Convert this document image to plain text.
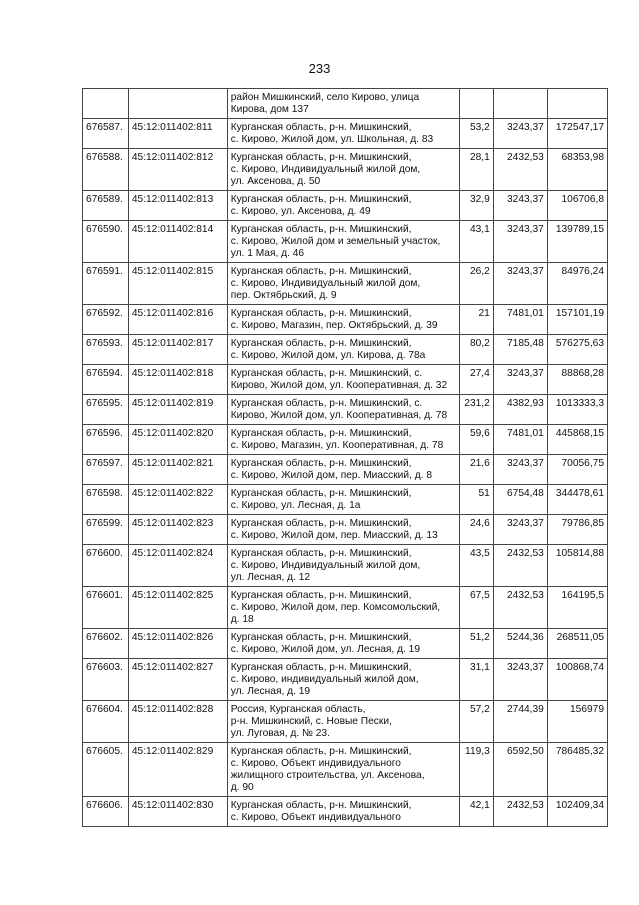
233

		район Мишкинский, село Кирово, улица
Кирова, дом 137			

676587.	45:12:011402:811	Курганская область, р-н. Мишкинский,
с. Кирово, Жилой дом, ул. Школьная, д. 83	53,2	3243,37	172547,17
676588.	45:12:011402:812	Курганская область, р-н. Мишкинский,
с. Кирово, Индивидуальный жилой дом,
ул. Аксенова, д. 50	28,1	2432,53	68353,98
676589.	45:12:011402:813	Курганская область, р-н. Мишкинский,
с. Кирово, ул. Аксенова, д. 49	32,9	3243,37	106706,8
676590.	45:12:011402:814	Курганская область, р-н. Мишкинский,
с. Кирово, Жилой дом и земельный участок,
ул. 1 Мая, д. 46	43,1	3243,37	139789,15
676591.	45:12:011402:815	Курганская область, р-н. Мишкинский,
с. Кирово, Индивидуальный жилой дом,
пер. Октябрьский, д. 9	26,2	3243,37	84976,24
676592.	45:12:011402:816	Курганская область, р-н. Мишкинский,
с. Кирово, Магазин, пер. Октябрьский, д. 39	21	7481,01	157101,19
676593.	45:12:011402:817	Курганская область, р-н. Мишкинский,
с. Кирово, Жилой дом, ул. Кирова, д. 78а	80,2	7185,48	576275,63
676594.	45:12:011402:818	Курганская область, р-н. Мишкинский, с.
Кирово, Жилой дом, ул. Кооперативная, д. 32	27,4	3243,37	88868,28
676595.	45:12:011402:819	Курганская область, р-н. Мишкинский, с.
Кирово, Жилой дом, ул. Кооперативная, д. 78	231,2	4382,93	1013333,3
676596.	45:12:011402:820	Курганская область, р-н. Мишкинский,
с. Кирово, Магазин, ул. Кооперативная, д. 78	59,6	7481,01	445868,15
676597.	45:12:011402:821	Курганская область, р-н. Мишкинский,
с. Кирово, Жилой дом, пер. Миасский, д. 8	21,6	3243,37	70056,75
676598.	45:12:011402:822	Курганская область, р-н. Мишкинский,
с. Кирово, ул. Лесная, д. 1а	51	6754,48	344478,61
676599.	45:12:011402:823	Курганская область, р-н. Мишкинский,
с. Кирово, Жилой дом, пер. Миасский, д. 13	24,6	3243,37	79786,85
676600.	45:12:011402:824	Курганская область, р-н. Мишкинский,
с. Кирово, Индивидуальный жилой дом,
ул. Лесная, д. 12	43,5	2432,53	105814,88
676601.	45:12:011402:825	Курганская область, р-н. Мишкинский,
с. Кирово, Жилой дом, пер. Комсомольский,
д. 18	67,5	2432,53	164195,5
676602.	45:12:011402:826	Курганская область, р-н. Мишкинский,
с. Кирово, Жилой дом, ул. Лесная, д. 19	51,2	5244,36	268511,05
676603.	45:12:011402:827	Курганская область, р-н. Мишкинский,
с. Кирово, индивидуальный жилой дом,
ул. Лесная, д. 19	31,1	3243,37	100868,74
676604.	45:12:011402:828	Россия, Курганская область,
р-н. Мишкинский, с. Новые Пески,
ул. Луговая, д. № 23.	57,2	2744,39	156979
676605.	45:12:011402:829	Курганская область, р-н. Мишкинский,
с. Кирово, Объект индивидуального
жилищного строительства, ул. Аксенова,
д. 90	119,3	6592,50	786485,32
676606.	45:12:011402:830	Курганская область, р-н. Мишкинский,
с. Кирово, Объект индивидуального	42,1	2432,53	102409,34
